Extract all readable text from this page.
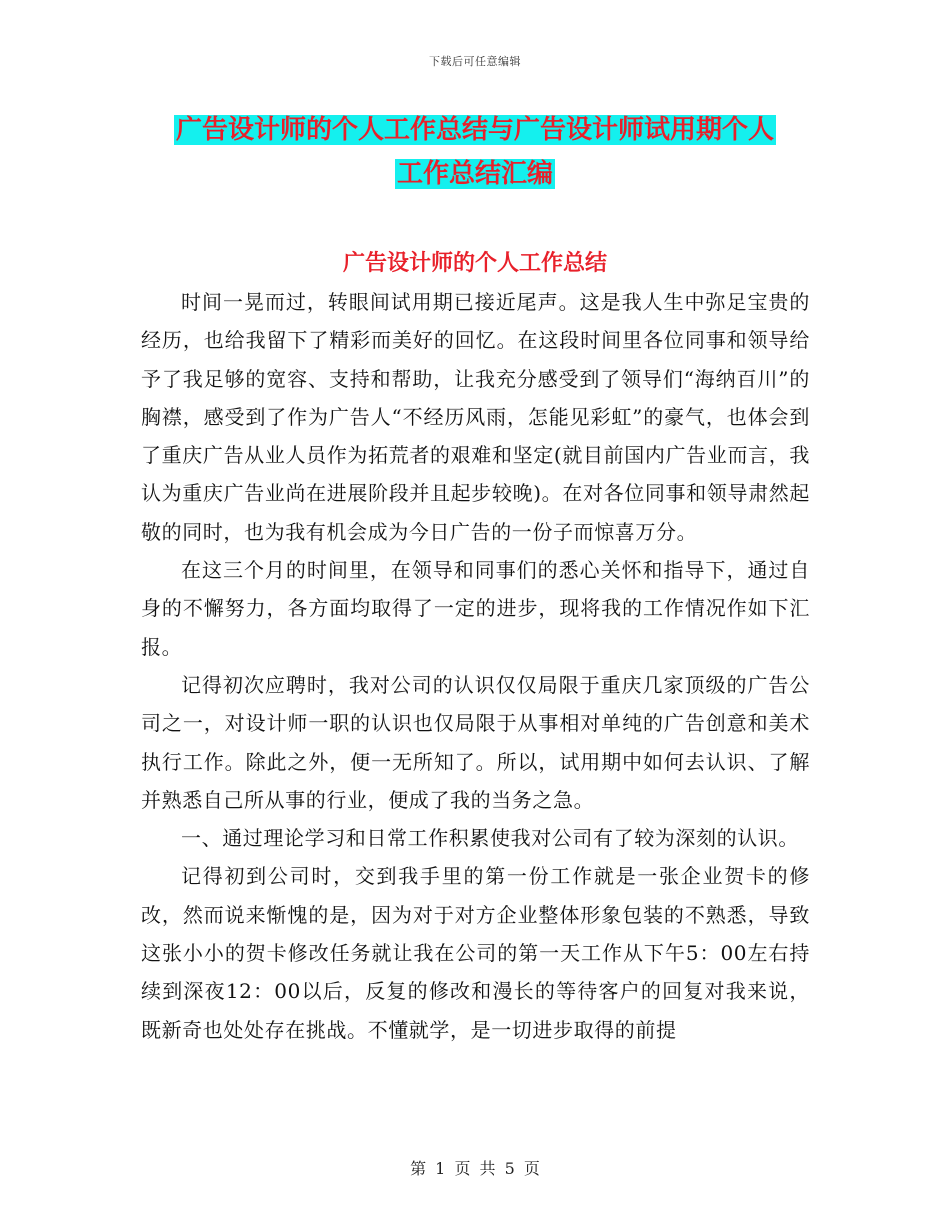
下载后可任意编辑
广告设计师的个人工作总结与广告设计师试用期个人
工作总结汇编
广告设计师的个人工作总结

时间一晃而过，转眼间试用期已接近尾声。这是我人生中弥足宝贵的经历，也给我留下了精彩而美好的回忆。在这段时间里各位同事和领导给予了我足够的宽容、支持和帮助，让我充分感受到了领导们“海纳百川”的胸襟，感受到了作为广告人“不经历风雨，怎能见彩虹”的豪气，也体会到了重庆广告从业人员作为拓荒者的艰难和坚定(就目前国内广告业而言，我认为重庆广告业尚在进展阶段并且起步较晚)。在对各位同事和领导肃然起敬的同时，也为我有机会成为今日广告的一份子而惊喜万分。

在这三个月的时间里，在领导和同事们的悉心关怀和指导下，通过自身的不懈努力，各方面均取得了一定的进步，现将我的工作情况作如下汇报。

记得初次应聘时，我对公司的认识仅仅局限于重庆几家顶级的广告公司之一，对设计师一职的认识也仅局限于从事相对单纯的广告创意和美术执行工作。除此之外，便一无所知了。所以，试用期中如何去认识、了解并熟悉自己所从事的行业，便成了我的当务之急。

一、通过理论学习和日常工作积累使我对公司有了较为深刻的认识。

记得初到公司时，交到我手里的第一份工作就是一张企业贺卡的修改，然而说来惭愧的是，因为对于对方企业整体形象包装的不熟悉，导致这张小小的贺卡修改任务就让我在公司的第一天工作从下午5：00左右持续到深夜12：00以后，反复的修改和漫长的等待客户的回复对我来说，既新奇也处处存在挑战。不懂就学，是一切进步取得的前提

第 1 页 共 5 页
